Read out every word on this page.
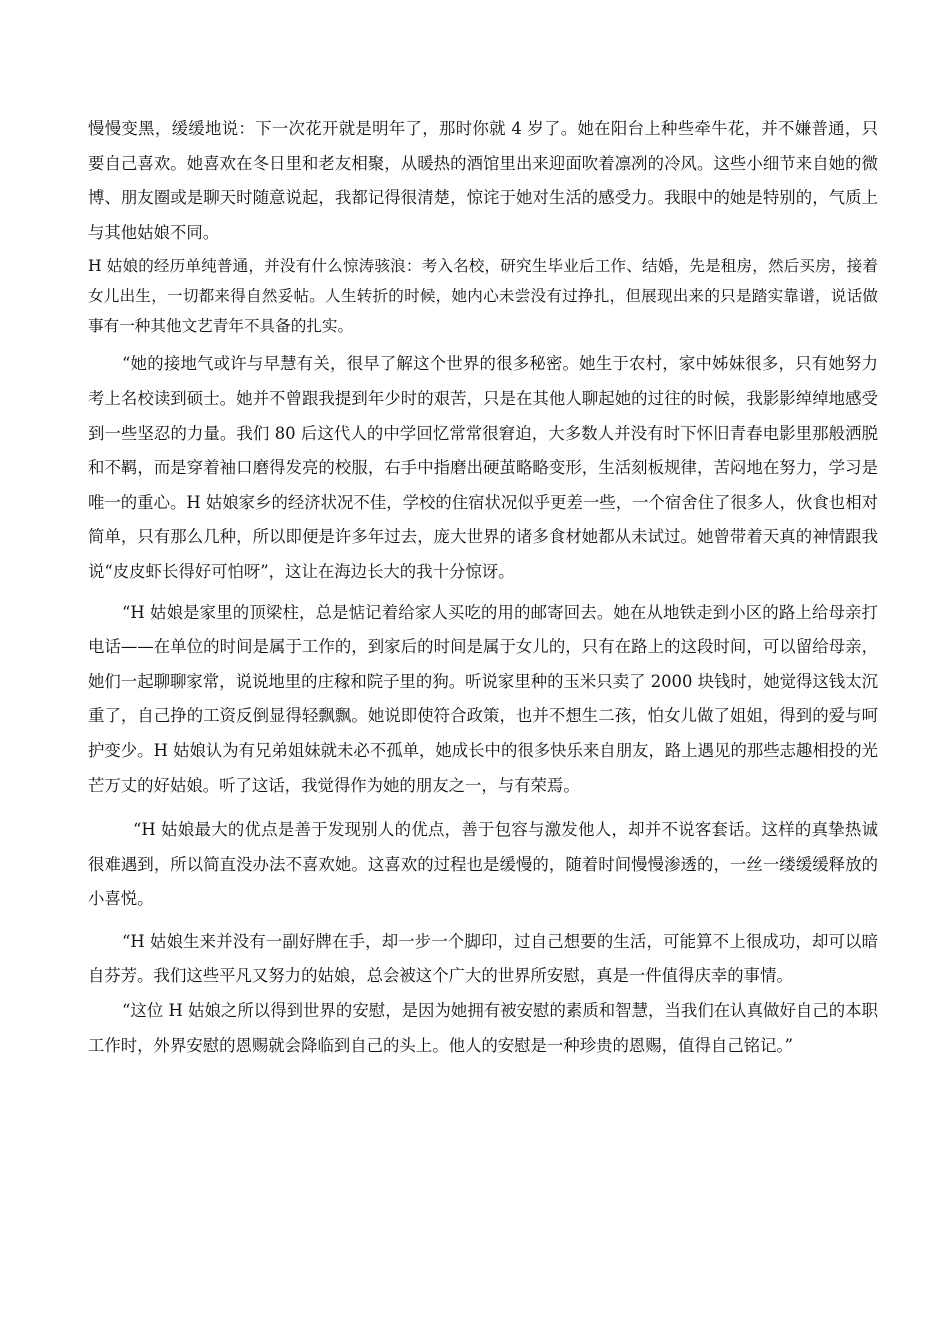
慢慢变黑，缓缓地说：下一次花开就是明年了，那时你就 4 岁了。她在阳台上种些牵牛花，并不嫌普通，只要自己喜欢。她喜欢在冬日里和老友相聚，从暖热的酒馆里出来迎面吹着凛冽的冷风。这些小细节来自她的微博、朋友圈或是聊天时随意说起，我都记得很清楚，惊诧于她对生活的感受力。我眼中的她是特别的，气质上与其他姑娘不同。

H 姑娘的经历单纯普通，并没有什么惊涛骇浪：考入名校，研究生毕业后工作、结婚，先是租房，然后买房，接着女儿出生，一切都来得自然妥帖。人生转折的时候，她内心未尝没有过挣扎，但展现出来的只是踏实靠谱，说话做事有一种其他文艺青年不具备的扎实。

“她的接地气或许与早慧有关，很早了解这个世界的很多秘密。她生于农村，家中姊妹很多，只有她努力考上名校读到硕士。她并不曾跟我提到年少时的艰苦，只是在其他人聊起她的过往的时候，我影影绰绰地感受到一些坚忍的力量。我们 80 后这代人的中学回忆常常很窘迫，大多数人并没有时下怀旧青春电影里那般洒脱和不羁，而是穿着袖口磨得发亮的校服，右手中指磨出硬茧略略变形，生活刻板规律，苦闷地在努力，学习是唯一的重心。H 姑娘家乡的经济状况不佳，学校的住宿状况似乎更差一些，一个宿舍住了很多人，伙食也相对简单，只有那么几种，所以即便是许多年过去，庞大世界的诸多食材她都从未试过。她曾带着天真的神情跟我说“皮皮虾长得好可怕呀”，这让在海边长大的我十分惊讶。

“H 姑娘是家里的顶梁柱，总是惦记着给家人买吃的用的邮寄回去。她在从地铁走到小区的路上给母亲打电话——在单位的时间是属于工作的，到家后的时间是属于女儿的，只有在路上的这段时间，可以留给母亲，她们一起聊聊家常，说说地里的庄稼和院子里的狗。听说家里种的玉米只卖了 2000 块钱时，她觉得这钱太沉重了，自己挣的工资反倒显得轻飘飘。她说即使符合政策，也并不想生二孩，怕女儿做了姐姐，得到的爱与呵护变少。H 姑娘认为有兄弟姐妹就未必不孤单，她成长中的很多快乐来自朋友，路上遇见的那些志趣相投的光芒万丈的好姑娘。听了这话，我觉得作为她的朋友之一，与有荣焉。

“H 姑娘最大的优点是善于发现别人的优点，善于包容与激发他人，却并不说客套话。这样的真挚热诚很难遇到，所以简直没办法不喜欢她。这喜欢的过程也是缓慢的，随着时间慢慢渗透的，一丝一缕缓缓释放的小喜悦。

“H 姑娘生来并没有一副好牌在手，却一步一个脚印，过自己想要的生活，可能算不上很成功，却可以暗自芬芳。我们这些平凡又努力的姑娘，总会被这个广大的世界所安慰，真是一件值得庆幸的事情。

“这位 H 姑娘之所以得到世界的安慰，是因为她拥有被安慰的素质和智慧，当我们在认真做好自己的本职工作时，外界安慰的恩赐就会降临到自己的头上。他人的安慰是一种珍贵的恩赐，值得自己铭记。”
